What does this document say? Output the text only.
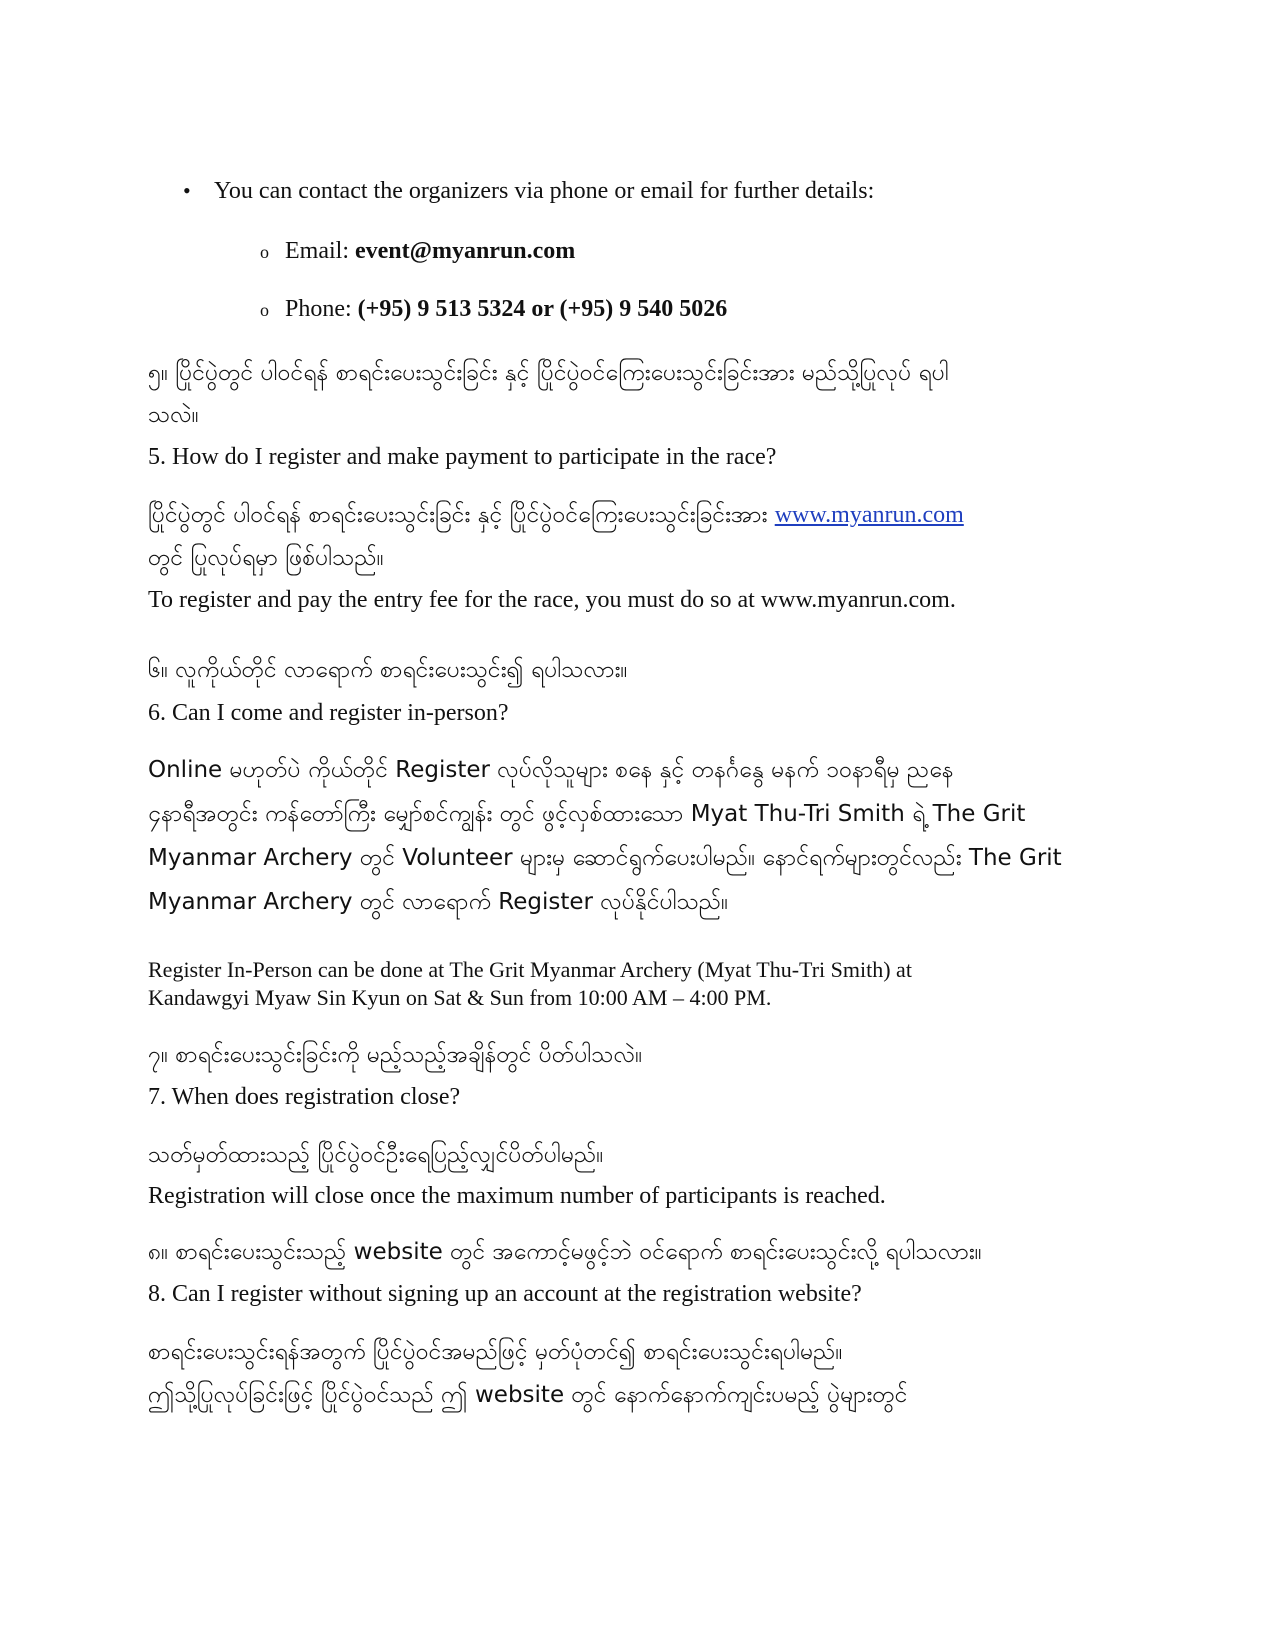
• You can contact the organizers via phone or email for further details:
o Email: event@myanrun.com
o Phone: (+95) 9 513 5324 or (+95) 9 540 5026
၅။ ပြိုင်ပွဲတွင် ပါဝင်ရန် စာရင်းပေးသွင်းခြင်း နှင့် ပြိုင်ပွဲဝင်ကြေးပေးသွင်းခြင်းအား မည်သို့ပြုလုပ် ရပါ
သလဲ။
5. How do I register and make payment to participate in the race?
ပြိုင်ပွဲတွင် ပါဝင်ရန် စာရင်းပေးသွင်းခြင်း နှင့် ပြိုင်ပွဲဝင်ကြေးပေးသွင်းခြင်းအား www.myanrun.com
တွင် ပြုလုပ်ရမှာ ဖြစ်ပါသည်။
To register and pay the entry fee for the race, you must do so at www.myanrun.com.
၆။ လူကိုယ်တိုင် လာရောက် စာရင်းပေးသွင်း၍ ရပါသလား။
6. Can I come and register in-person?
Online မဟုတ်ပဲ ကိုယ်တိုင် Register လုပ်လိုသူများ စနေ နှင့် တနင်္ဂနွေ မနက် ၁၀နာရီမှ ညနေ
၄နာရီအတွင်း ကန်တော်ကြီး မျှော်စင်ကျွန်း တွင် ဖွင့်လှစ်ထားသော Myat Thu-Tri Smith ရဲ့ The Grit
Myanmar Archery တွင် Volunteer များမှ ဆောင်ရွက်ပေးပါမည်။ နောင်ရက်များတွင်လည်း The Grit
Myanmar Archery တွင် လာရောက် Register လုပ်နိုင်ပါသည်။
Register In-Person can be done at The Grit Myanmar Archery (Myat Thu-Tri Smith) at
Kandawgyi Myaw Sin Kyun on Sat & Sun from 10:00 AM – 4:00 PM.
၇။ စာရင်းပေးသွင်းခြင်းကို မည့်သည့်အချိန်တွင် ပိတ်ပါသလဲ။
7. When does registration close?
သတ်မှတ်ထားသည့် ပြိုင်ပွဲဝင်ဦးရေပြည့်လျှင်ပိတ်ပါမည်။
Registration will close once the maximum number of participants is reached.
၈။ စာရင်းပေးသွင်းသည့် website တွင် အကောင့်မဖွင့်ဘဲ ဝင်ရောက် စာရင်းပေးသွင်းလို့ ရပါသလား။
8. Can I register without signing up an account at the registration website?
စာရင်းပေးသွင်းရန်အတွက် ပြိုင်ပွဲဝင်အမည်ဖြင့် မှတ်ပုံတင်၍ စာရင်းပေးသွင်းရပါမည်။
ဤသို့ပြုလုပ်ခြင်းဖြင့် ပြိုင်ပွဲဝင်သည် ဤ website တွင် နောက်နောက်ကျင်းပမည့် ပွဲများတွင်
